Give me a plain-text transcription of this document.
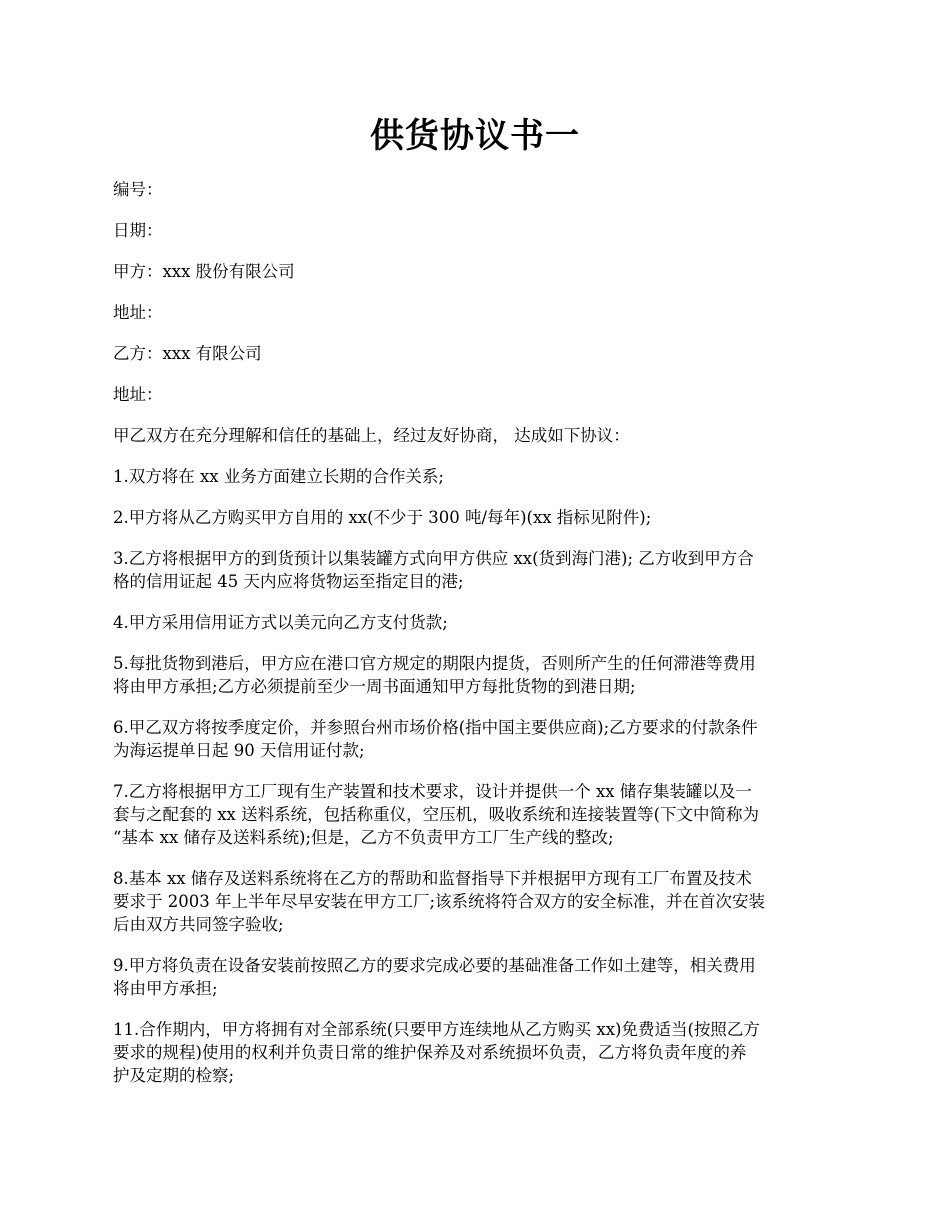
供货协议书一
编号：
日期：
甲方：xxx 股份有限公司
地址：
乙方：xxx 有限公司
地址：
甲乙双方在充分理解和信任的基础上，经过友好协商， 达成如下协议：
1.双方将在 xx 业务方面建立长期的合作关系;
2.甲方将从乙方购买甲方自用的 xx(不少于 300 吨/每年)(xx 指标见附件);
3.乙方将根据甲方的到货预计以集装罐方式向甲方供应 xx(货到海门港); 乙方收到甲方合
格的信用证起 45 天内应将货物运至指定目的港;
4.甲方采用信用证方式以美元向乙方支付货款;
5.每批货物到港后，甲方应在港口官方规定的期限内提货，否则所产生的任何滞港等费用
将由甲方承担;乙方必须提前至少一周书面通知甲方每批货物的到港日期;
6.甲乙双方将按季度定价，并参照台州市场价格(指中国主要供应商);乙方要求的付款条件
为海运提单日起 90 天信用证付款;
7.乙方将根据甲方工厂现有生产装置和技术要求，设计并提供一个 xx 储存集装罐以及一
套与之配套的 xx 送料系统，包括称重仪，空压机，吸收系统和连接装置等(下文中简称为
“基本 xx 储存及送料系统);但是，乙方不负责甲方工厂生产线的整改;
8.基本 xx 储存及送料系统将在乙方的帮助和监督指导下并根据甲方现有工厂布置及技术
要求于 2003 年上半年尽早安装在甲方工厂;该系统将符合双方的安全标准，并在首次安装
后由双方共同签字验收;
9.甲方将负责在设备安装前按照乙方的要求完成必要的基础准备工作如土建等，相关费用
将由甲方承担;
11.合作期内，甲方将拥有对全部系统(只要甲方连续地从乙方购买 xx)免费适当(按照乙方
要求的规程)使用的权利并负责日常的维护保养及对系统损坏负责，乙方将负责年度的养
护及定期的检察;
